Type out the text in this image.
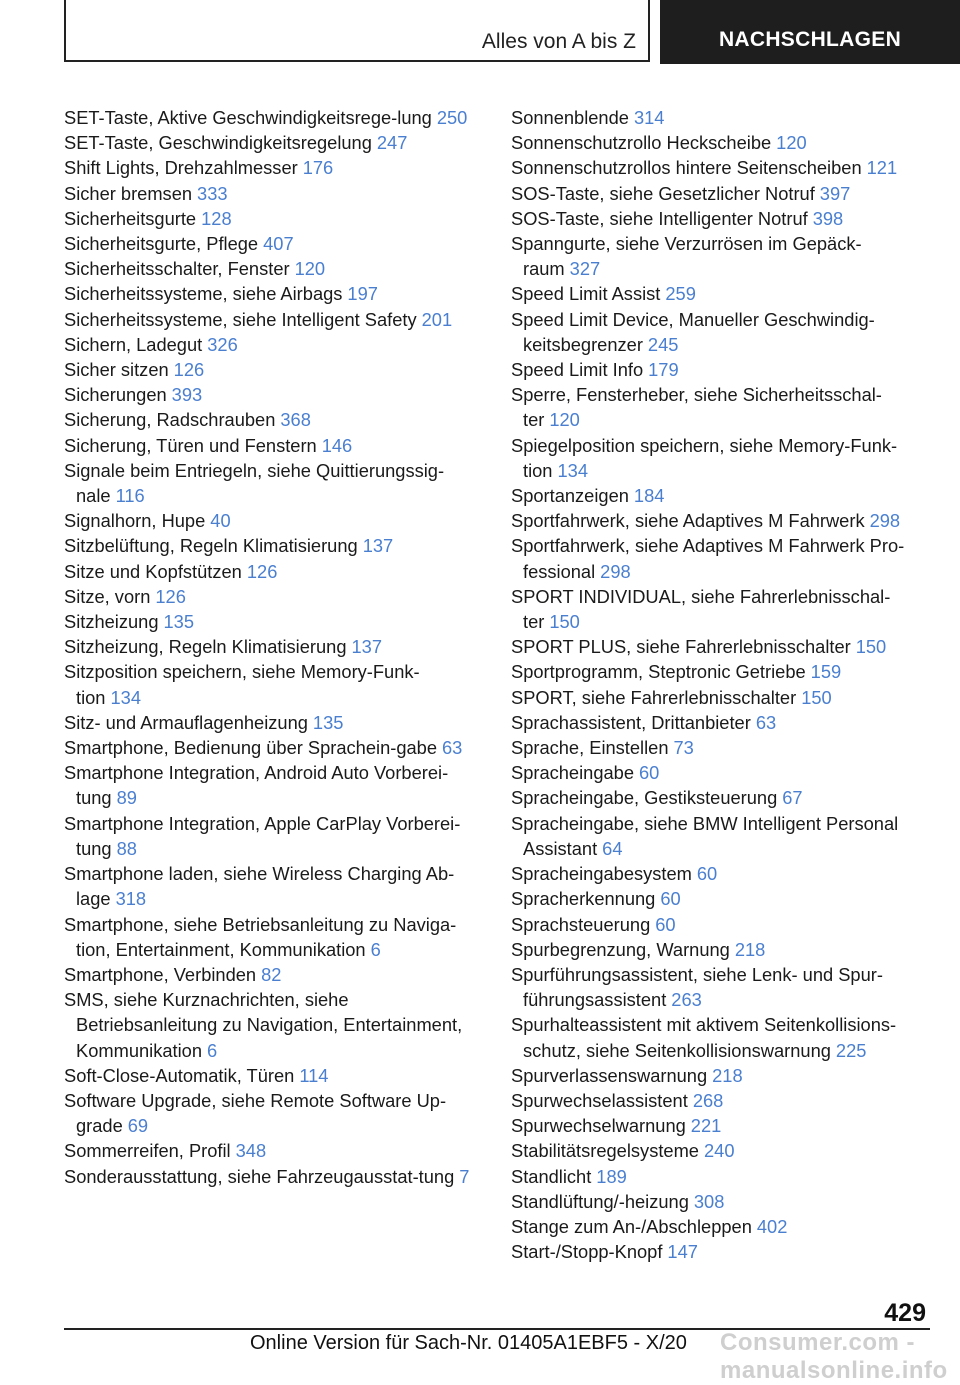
Alles von A bis Z	NACHSCHLAGEN

SET-Taste, Aktive Geschwindigkeitsrege-lung 250

SET-Taste, Geschwindigkeitsregelung 247

Shift Lights, Drehzahlmesser 176

Sicher bremsen 333

Sicherheitsgurte 128

Sicherheitsgurte, Pflege 407

Sicherheitsschalter, Fenster 120

Sicherheitssysteme, siehe Airbags 197

Sicherheitssysteme, siehe Intelligent Safety 201

Sichern, Ladegut 326

Sicher sitzen 126

Sicherungen 393

Sicherung, Radschrauben 368

Sicherung, Türen und Fenstern 146

Signale beim Entriegeln, siehe Quittierungssig-nale 116

Signalhorn, Hupe 40

Sitzbelüftung, Regeln Klimatisierung 137

Sitze und Kopfstützen 126

Sitze, vorn 126

Sitzheizung 135

Sitzheizung, Regeln Klimatisierung 137

Sitzposition speichern, siehe Memory-Funk-tion 134

Sitz- und Armauflagenheizung 135

Smartphone, Bedienung über Sprachein-gabe 63

Smartphone Integration, Android Auto Vorberei-tung 89

Smartphone Integration, Apple CarPlay Vorberei-tung 88

Smartphone laden, siehe Wireless Charging Ab-lage 318

Smartphone, siehe Betriebsanleitung zu Naviga-tion, Entertainment, Kommunikation 6

Smartphone, Verbinden 82

SMS, siehe Kurznachrichten, siehe Betriebsanleitung zu Navigation, Entertainment, Kommunikation 6

Soft-Close-Automatik, Türen 114

Software Upgrade, siehe Remote Software Up-grade 69

Sommerreifen, Profil 348

Sonderausstattung, siehe Fahrzeugausstat-tung 7

Sonnenblende 314

Sonnenschutzrollo Heckscheibe 120

Sonnenschutzrollos hintere Seitenscheiben 121

SOS-Taste, siehe Gesetzlicher Notruf 397

SOS-Taste, siehe Intelligenter Notruf 398

Spanngurte, siehe Verzurrösen im Gepäck-raum 327

Speed Limit Assist 259

Speed Limit Device, Manueller Geschwindig-keitsbegrenzer 245

Speed Limit Info 179

Sperre, Fensterheber, siehe Sicherheitsschal-ter 120

Spiegelposition speichern, siehe Memory-Funk-tion 134

Sportanzeigen 184

Sportfahrwerk, siehe Adaptives M Fahrwerk 298

Sportfahrwerk, siehe Adaptives M Fahrwerk Pro-fessional 298

SPORT INDIVIDUAL, siehe Fahrerlebnisschal-ter 150

SPORT PLUS, siehe Fahrerlebnisschalter 150

Sportprogramm, Steptronic Getriebe 159

SPORT, siehe Fahrerlebnisschalter 150

Sprachassistent, Drittanbieter 63

Sprache, Einstellen 73

Spracheingabe 60

Spracheingabe, Gestiksteuerung 67

Spracheingabe, siehe BMW Intelligent Personal Assistant 64

Spracheingabesystem 60

Spracherkennung 60

Sprachsteuerung 60

Spurbegrenzung, Warnung 218

Spurführungsassistent, siehe Lenk- und Spur-führungsassistent 263

Spurhalteassistent mit aktivem Seitenkollisions-schutz, siehe Seitenkollisionswarnung 225

Spurverlassenswarnung 218

Spurwechselassistent 268

Spurwechselwarnung 221

Stabilitätsregelsysteme 240

Standlicht 189

Standlüftung/-heizung 308

Stange zum An-/Abschleppen 402

Start-/Stopp-Knopf 147

429
Online Version für Sach-Nr. 01405A1EBF5 - X/20 Consumer.com - manualsonline.info
